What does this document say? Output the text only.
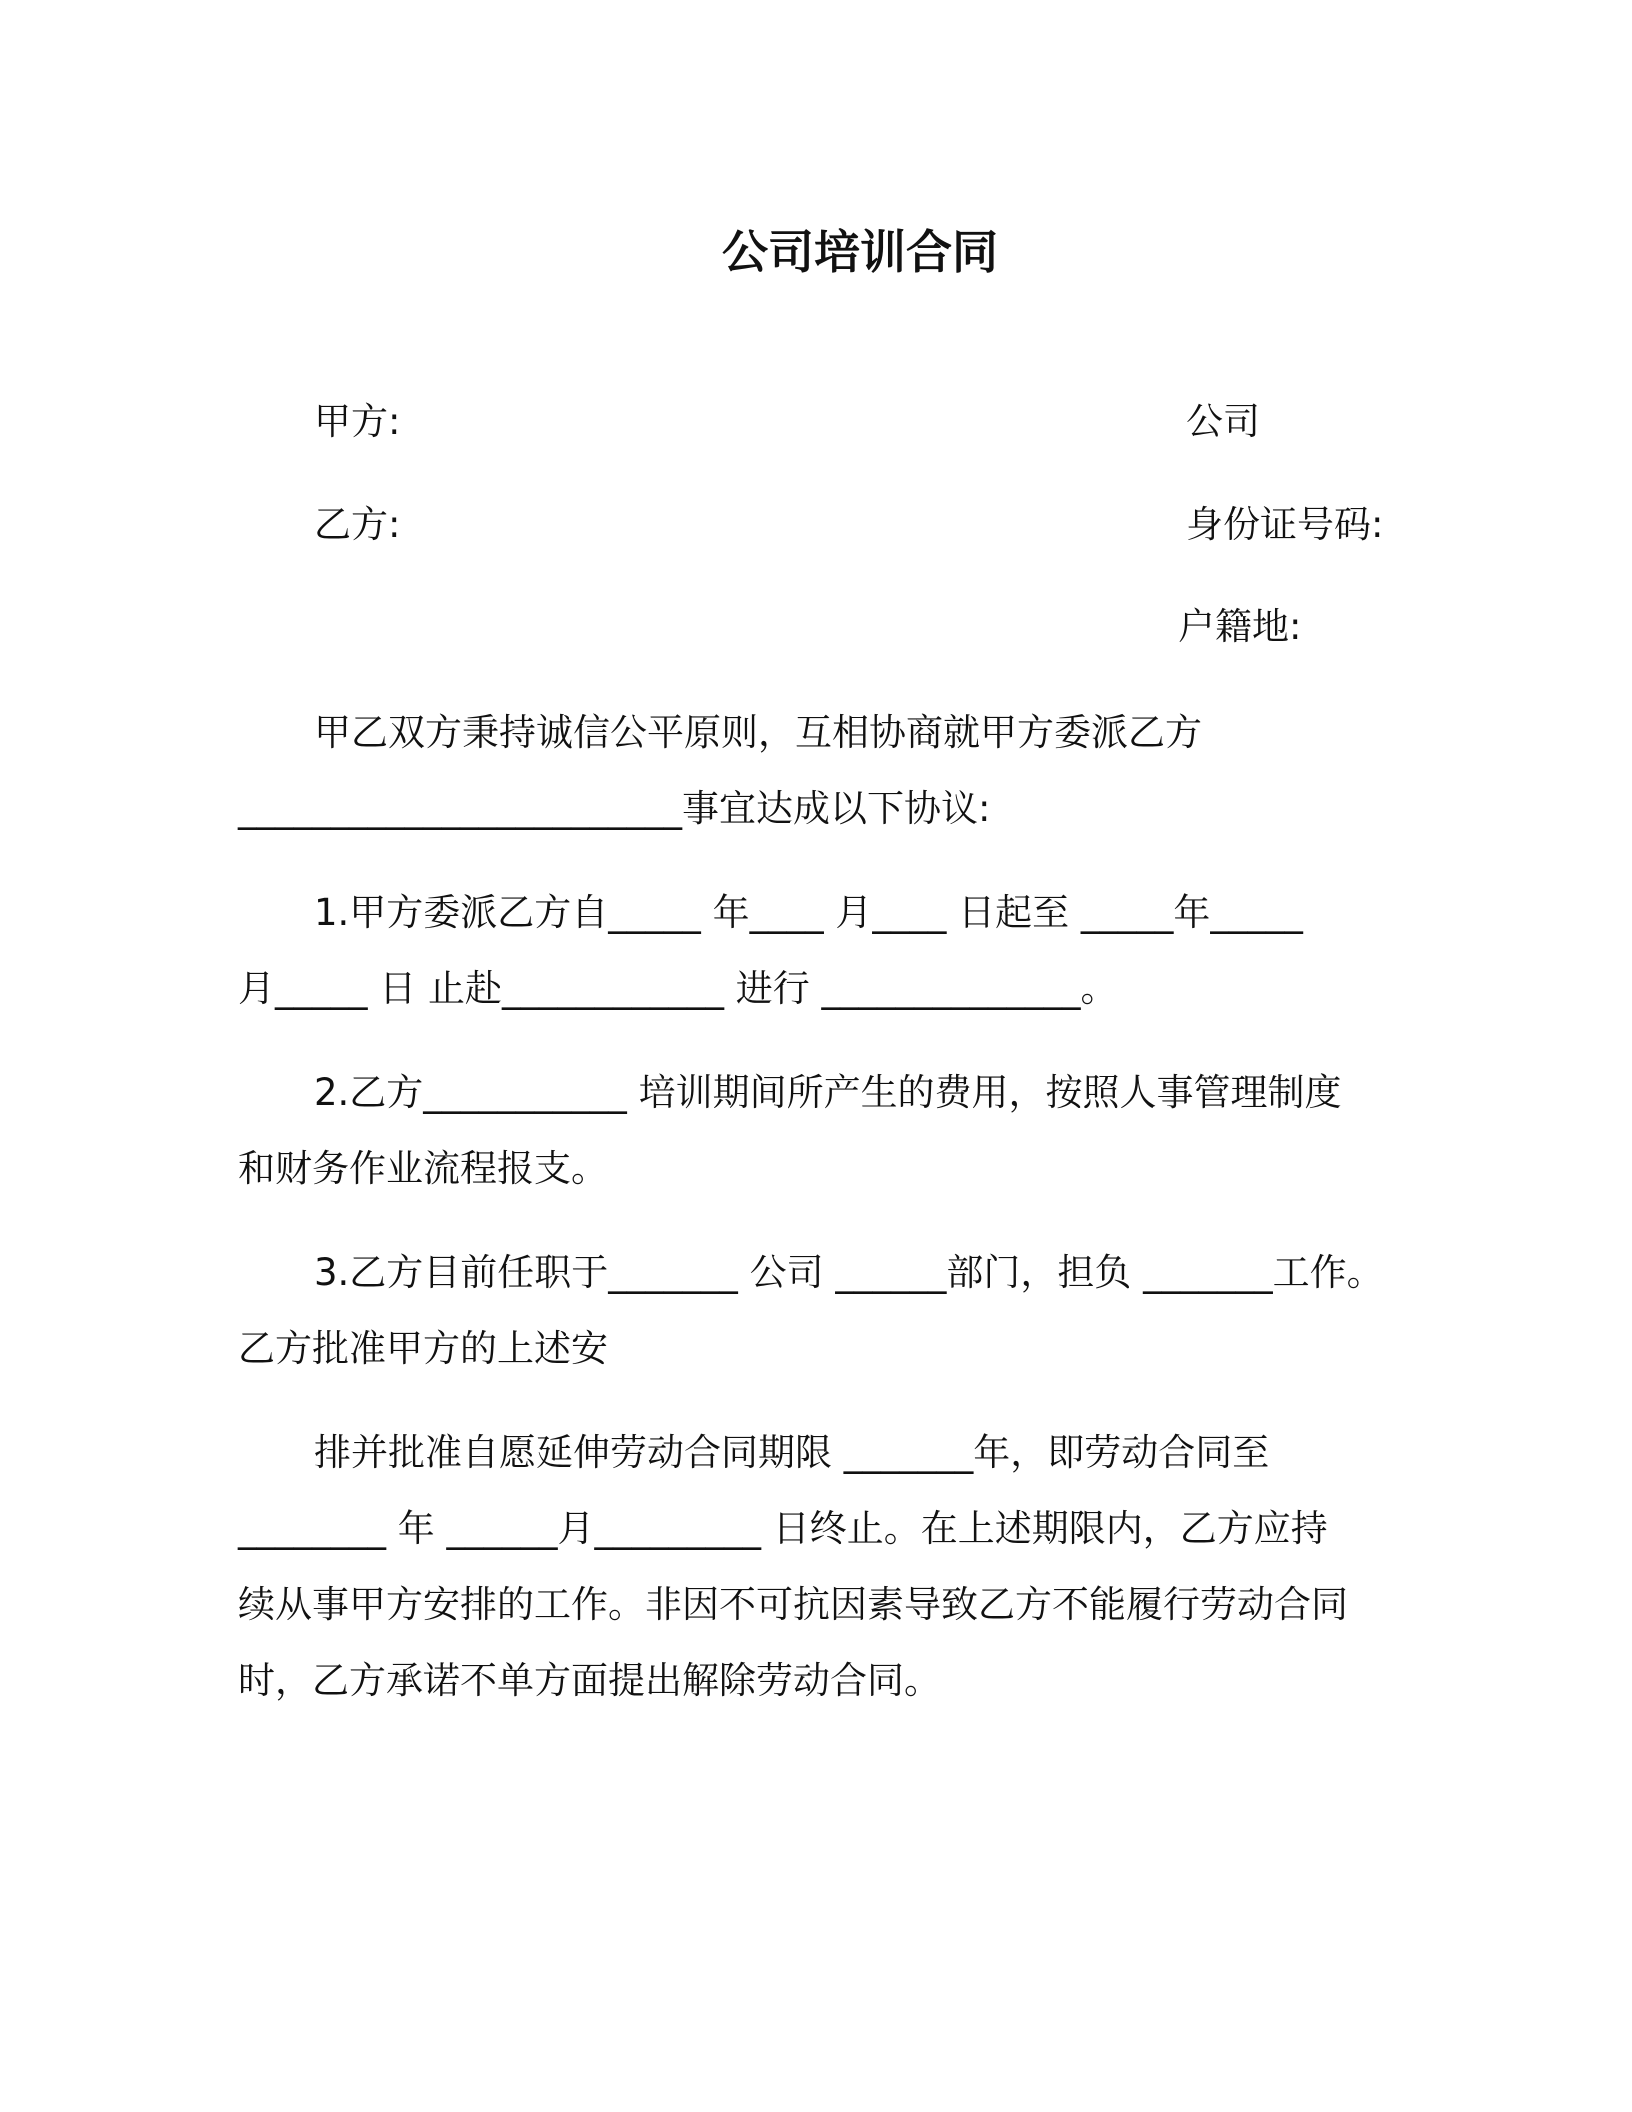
公司培训合同
甲方:	公司
乙方:	身份证号码:
户籍地:
甲乙双方秉持诚信公平原则，互相协商就甲方委派乙方
________________________事宜达成以下协议:
1.甲方委派乙方自_____ 年____ 月____ 日起至 _____年_____
月_____ 日 止赴____________ 进行 ______________。
2.乙方___________ 培训期间所产生的费用，按照人事管理制度
和财务作业流程报支。
3.乙方目前任职于_______ 公司 ______部门，担负 _______工作。
乙方批准甲方的上述安
排并批准自愿延伸劳动合同期限 _______年，即劳动合同至
________ 年 ______月_________ 日终止。在上述期限内，乙方应持
续从事甲方安排的工作。非因不可抗因素导致乙方不能履行劳动合同
时，乙方承诺不单方面提出解除劳动合同。
